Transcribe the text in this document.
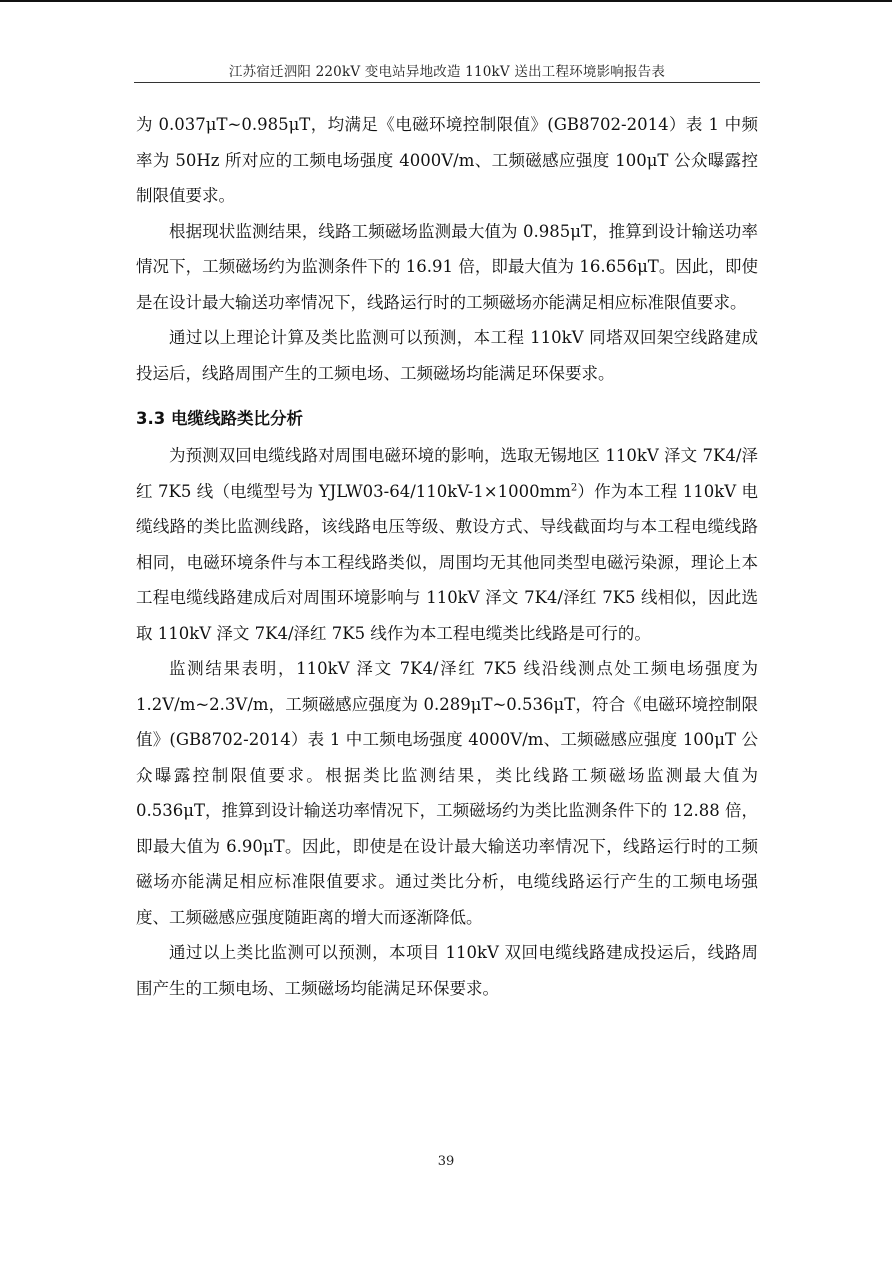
江苏宿迁泗阳 220kV 变电站异地改造 110kV 送出工程环境影响报告表

为 0.037μT~0.985μT，均满足《电磁环境控制限值》(GB8702-2014）表 1 中频率为 50Hz 所对应的工频电场强度 4000V/m、工频磁感应强度 100μT 公众曝露控制限值要求。

根据现状监测结果，线路工频磁场监测最大值为 0.985μT，推算到设计输送功率情况下，工频磁场约为监测条件下的 16.91 倍，即最大值为 16.656μT。因此，即使是在设计最大输送功率情况下，线路运行时的工频磁场亦能满足相应标准限值要求。

通过以上理论计算及类比监测可以预测，本工程 110kV 同塔双回架空线路建成投运后，线路周围产生的工频电场、工频磁场均能满足环保要求。

3.3 电缆线路类比分析

为预测双回电缆线路对周围电磁环境的影响，选取无锡地区 110kV 泽文 7K4/泽红 7K5 线（电缆型号为 $YJLW03-64/110kV-1\times 1000mm^2$）作为本工程 110kV 电缆线路的类比监测线路，该线路电压等级、敷设方式、导线截面均与本工程电缆线路相同，电磁环境条件与本工程线路类似，周围均无其他同类型电磁污染源，理论上本工程电缆线路建成后对周围环境影响与 110kV 泽文 7K4/泽红 7K5 线相似，因此选取 110kV 泽文 7K4/泽红 7K5 线作为本工程电缆类比线路是可行的。

监测结果表明，110kV 泽文 7K4/泽红 7K5 线沿线测点处工频电场强度为 1.2V/m~2.3V/m，工频磁感应强度为 0.289μT~0.536μT，符合《电磁环境控制限值》(GB8702-2014）表 1 中工频电场强度 4000V/m、工频磁感应强度 100μT 公众曝露控制限值要求。根据类比监测结果，类比线路工频磁场监测最大值为 0.536μT，推算到设计输送功率情况下，工频磁场约为类比监测条件下的 12.88 倍，即最大值为 6.90μT。因此，即使是在设计最大输送功率情况下，线路运行时的工频磁场亦能满足相应标准限值要求。通过类比分析，电缆线路运行产生的工频电场强度、工频磁感应强度随距离的增大而逐渐降低。

通过以上类比监测可以预测，本项目 110kV 双回电缆线路建成投运后，线路周围产生的工频电场、工频磁场均能满足环保要求。

39
